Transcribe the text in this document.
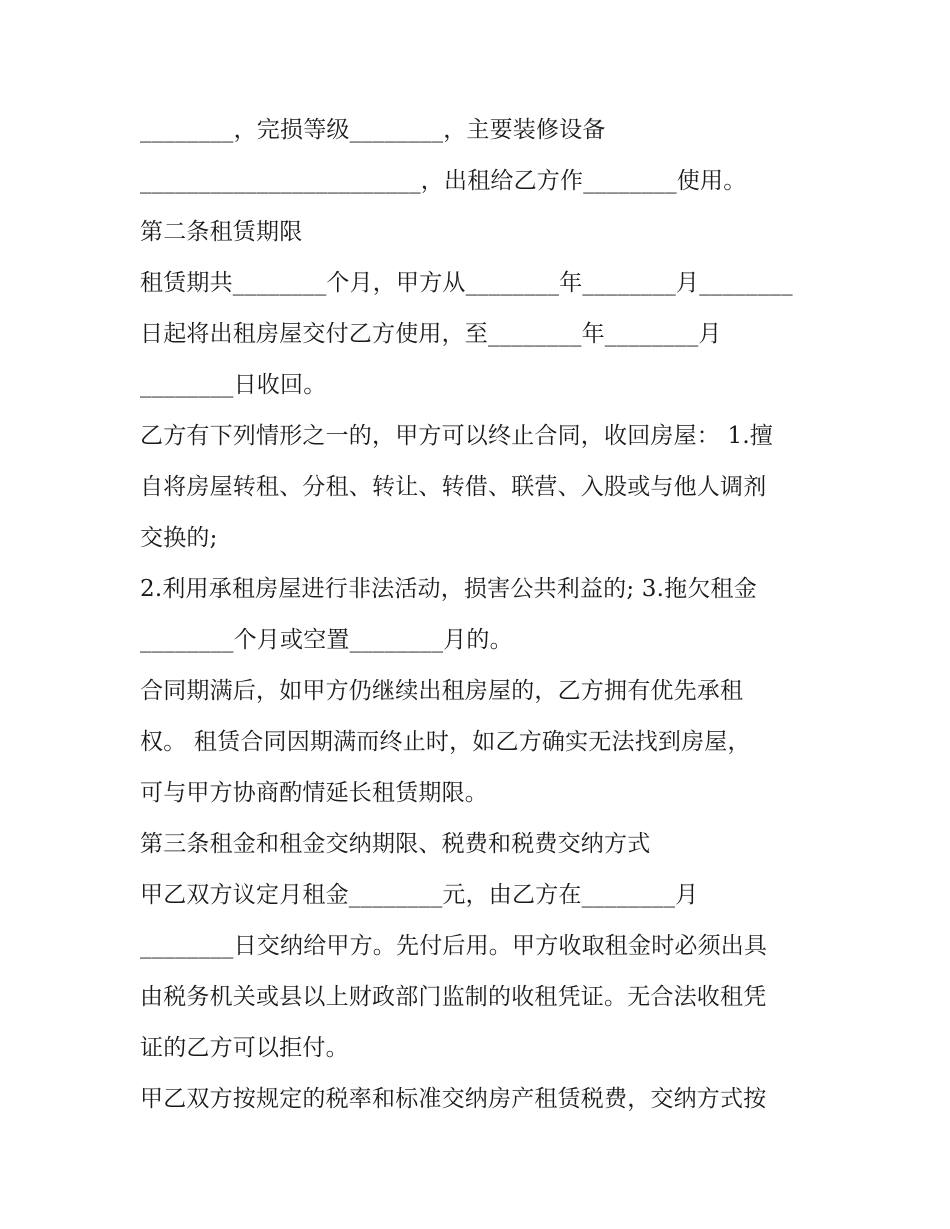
________，完损等级________，主要装修设备
________________________，出租给乙方作________使用。
第二条租赁期限
租赁期共________个月，甲方从________年________月________
日起将出租房屋交付乙方使用，至________年________月
________日收回。
乙方有下列情形之一的，甲方可以终止合同，收回房屋： 1.擅
自将房屋转租、分租、转让、转借、联营、入股或与他人调剂
交换的;
2.利用承租房屋进行非法活动，损害公共利益的; 3.拖欠租金
________个月或空置________月的。
合同期满后，如甲方仍继续出租房屋的，乙方拥有优先承租
权。 租赁合同因期满而终止时，如乙方确实无法找到房屋，
可与甲方协商酌情延长租赁期限。
第三条租金和租金交纳期限、税费和税费交纳方式
甲乙双方议定月租金________元，由乙方在________月
________日交纳给甲方。先付后用。甲方收取租金时必须出具
由税务机关或县以上财政部门监制的收租凭证。无合法收租凭
证的乙方可以拒付。
甲乙双方按规定的税率和标准交纳房产租赁税费，交纳方式按
